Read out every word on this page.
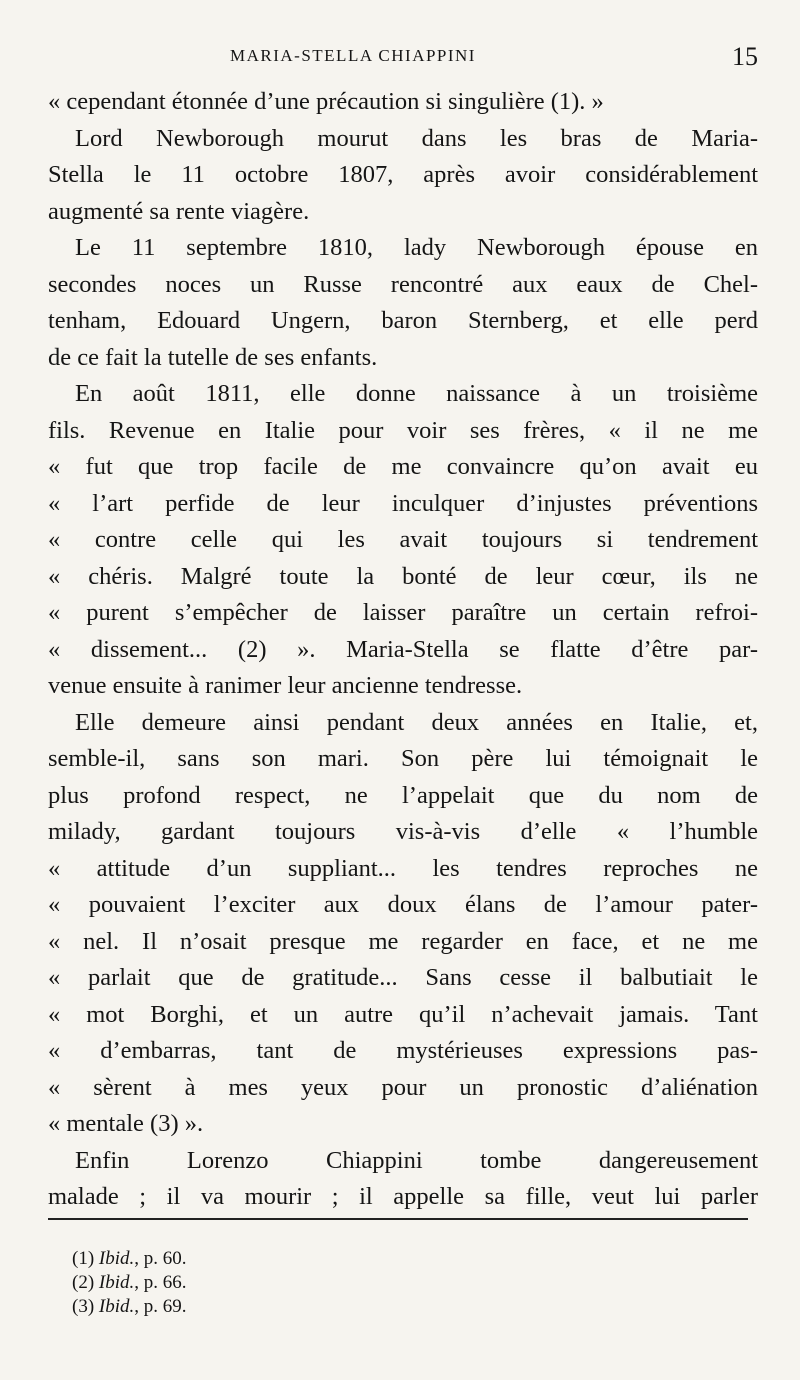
MARIA-STELLA CHIAPPINI	15
« cependant étonnée d’une précaution si singulière (1). »
Lord Newborough mourut dans les bras de Maria-
Stella le 11 octobre 1807, après avoir considérablement
augmenté sa rente viagère.
Le 11 septembre 1810, lady Newborough épouse en
secondes noces un Russe rencontré aux eaux de Chel-
tenham, Edouard Ungern, baron Sternberg, et elle perd
de ce fait la tutelle de ses enfants.
En août 1811, elle donne naissance à un troisième
fils. Revenue en Italie pour voir ses frères, « il ne me
« fut que trop facile de me convaincre qu’on avait eu
« l’art perfide de leur inculquer d’injustes préventions
« contre celle qui les avait toujours si tendrement
« chéris. Malgré toute la bonté de leur cœur, ils ne
« purent s’empêcher de laisser paraître un certain refroi-
« dissement... (2) ». Maria-Stella se flatte d’être par-
venue ensuite à ranimer leur ancienne tendresse.
Elle demeure ainsi pendant deux années en Italie, et,
semble-il, sans son mari. Son père lui témoignait le
plus profond respect, ne l’appelait que du nom de
milady, gardant toujours vis-à-vis d’elle « l’humble
« attitude d’un suppliant... les tendres reproches ne
« pouvaient l’exciter aux doux élans de l’amour pater-
« nel. Il n’osait presque me regarder en face, et ne me
« parlait que de gratitude... Sans cesse il balbutiait le
« mot Borghi, et un autre qu’il n’achevait jamais. Tant
« d’embarras, tant de mystérieuses expressions pas-
« sèrent à mes yeux pour un pronostic d’aliénation
« mentale (3) ».
Enfin Lorenzo Chiappini tombe dangereusement
malade ; il va mourir ; il appelle sa fille, veut lui parler
(1) Ibid., p. 60.
(2) Ibid., p. 66.
(3) Ibid., p. 69.
